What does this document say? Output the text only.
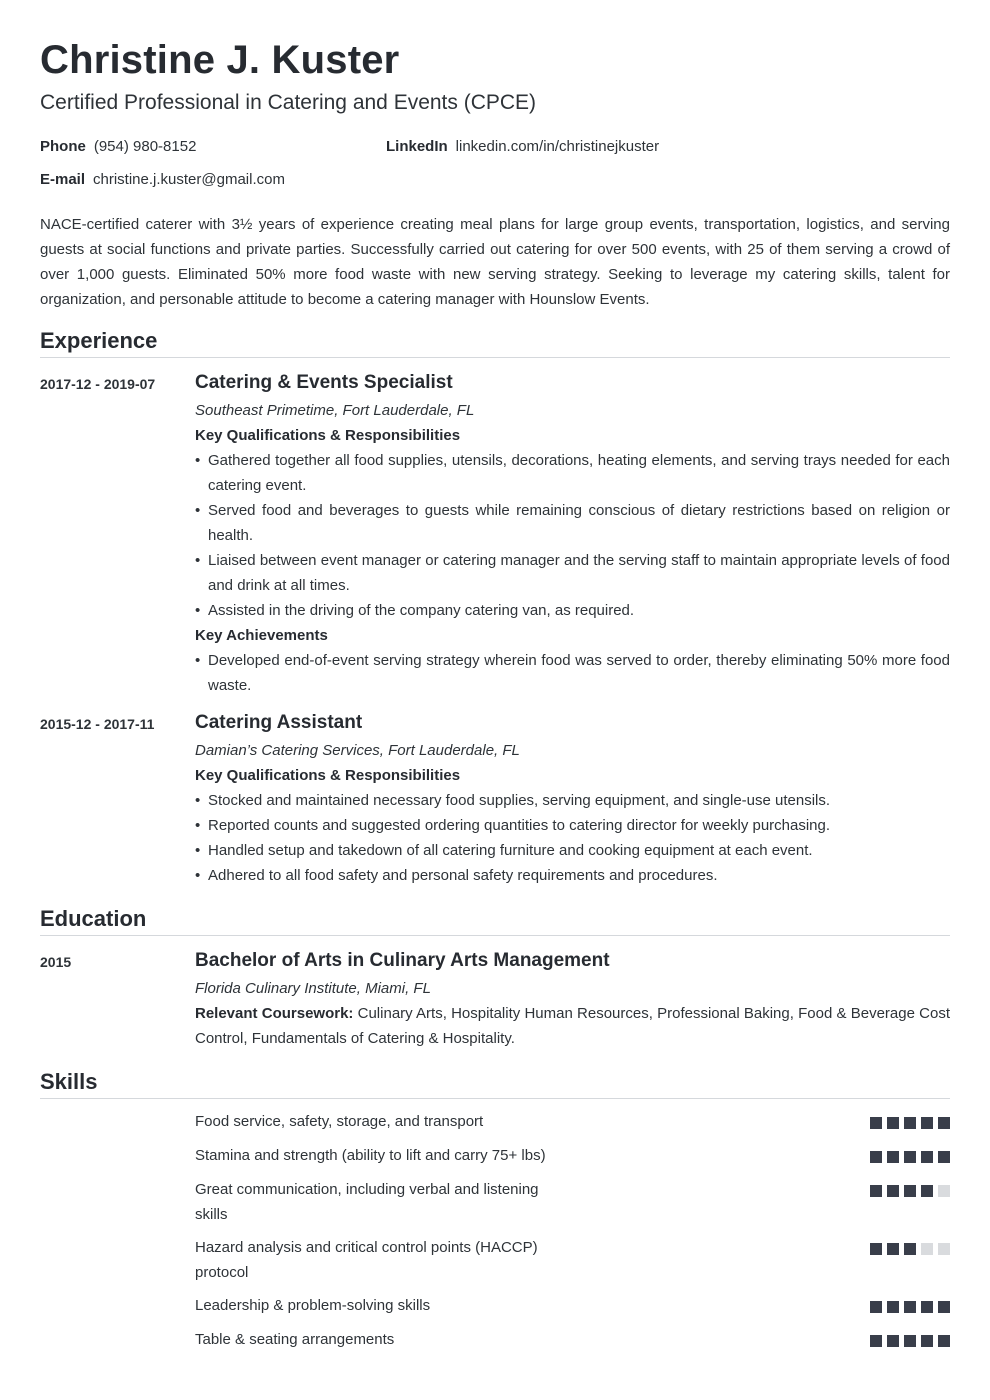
Christine J. Kuster
Certified Professional in Catering and Events (CPCE)
Phone (954) 980-8152	LinkedIn linkedin.com/in/christinejkuster
E-mail christine.j.kuster@gmail.com
NACE-certified caterer with 3½ years of experience creating meal plans for large group events, transportation, logistics, and serving guests at social functions and private parties. Successfully carried out catering for over 500 events, with 25 of them serving a crowd of over 1,000 guests. Eliminated 50% more food waste with new serving strategy. Seeking to leverage my catering skills, talent for organization, and personable attitude to become a catering manager with Hounslow Events.
Experience
2017-12 - 2019-07 Catering & Events Specialist
Southeast Primetime, Fort Lauderdale, FL
Key Qualifications & Responsibilities
• Gathered together all food supplies, utensils, decorations, heating elements, and serving trays needed for each catering event.
• Served food and beverages to guests while remaining conscious of dietary restrictions based on religion or health.
• Liaised between event manager or catering manager and the serving staff to maintain appropriate levels of food and drink at all times.
• Assisted in the driving of the company catering van, as required.
Key Achievements
• Developed end-of-event serving strategy wherein food was served to order, thereby eliminating 50% more food waste.
2015-12 - 2017-11 Catering Assistant
Damian’s Catering Services, Fort Lauderdale, FL
Key Qualifications & Responsibilities
• Stocked and maintained necessary food supplies, serving equipment, and single-use utensils.
• Reported counts and suggested ordering quantities to catering director for weekly purchasing.
• Handled setup and takedown of all catering furniture and cooking equipment at each event.
• Adhered to all food safety and personal safety requirements and procedures.
Education
2015	Bachelor of Arts in Culinary Arts Management
Florida Culinary Institute, Miami, FL
Relevant Coursework: Culinary Arts, Hospitality Human Resources, Professional Baking, Food & Beverage Cost Control, Fundamentals of Catering & Hospitality.
Skills
Food service, safety, storage, and transport
Stamina and strength (ability to lift and carry 75+ lbs)
Great communication, including verbal and listening skills
Hazard analysis and critical control points (HACCP) protocol
Leadership & problem-solving skills
Table & seating arrangements
